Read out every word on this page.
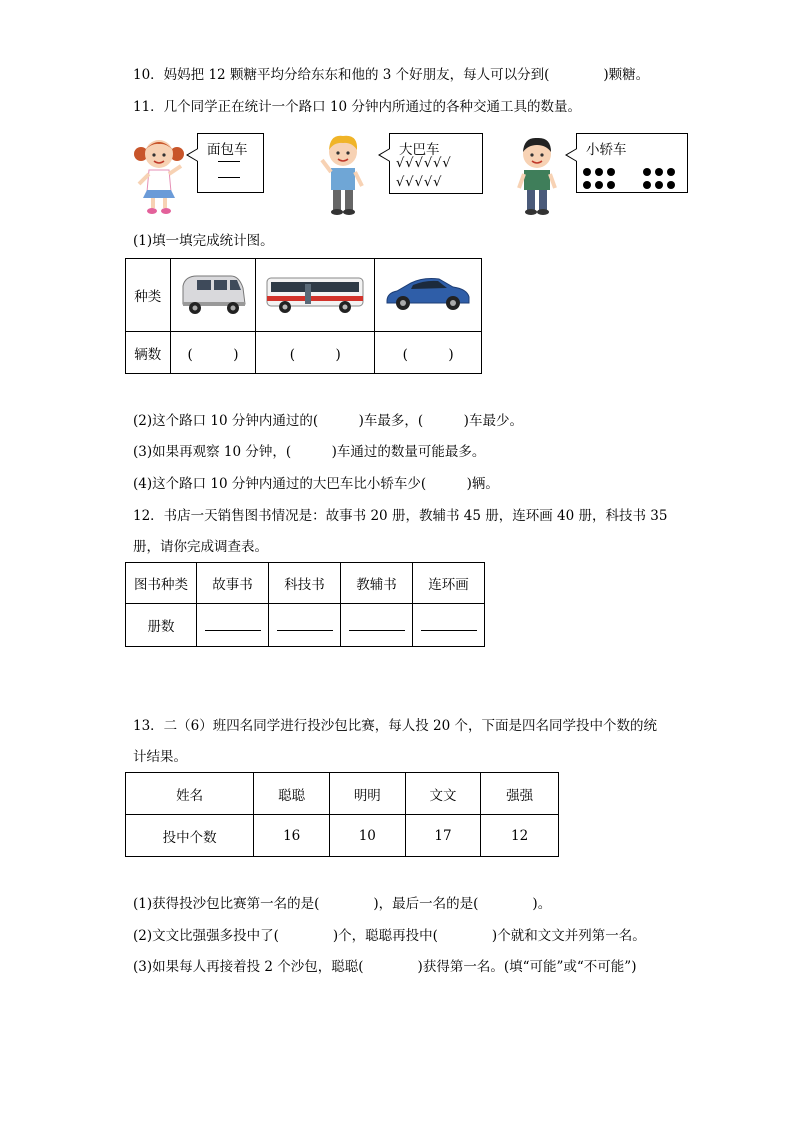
10．妈妈把 12 颗糖平均分给东东和他的 3 个好朋友，每人可以分到(　　　　)颗糖。
11．几个同学正在统计一个路口 10 分钟内所通过的各种交通工具的数量。
面包车	大巴车
√√√√√√
√√√√√
小轿车
(1)填一填完成统计图。
种类			
辆数	(　　　)	(　　　)	(　　　)
(2)这个路口 10 分钟内通过的(　　　)车最多，(　　　)车最少。
(3)如果再观察 10 分钟，(　　　)车通过的数量可能最多。
(4)这个路口 10 分钟内通过的大巴车比小轿车少(　　　)辆。
12．书店一天销售图书情况是：故事书 20 册，教辅书 45 册，连环画 40 册，科技书 35
册，请你完成调查表。
图书种类	故事书	科技书	教辅书	连环画
册数				
13．二（6）班四名同学进行投沙包比赛，每人投 20 个，下面是四名同学投中个数的统
计结果。
姓名	聪聪	明明	文文	强强
投中个数	16	10	17	12
(1)获得投沙包比赛第一名的是(　　　　)，最后一名的是(　　　　)。
(2)文文比强强多投中了(　　　　)个，聪聪再投中(　　　　)个就和文文并列第一名。
(3)如果每人再接着投 2 个沙包，聪聪(　　　　)获得第一名。(填“可能”或“不可能”)
